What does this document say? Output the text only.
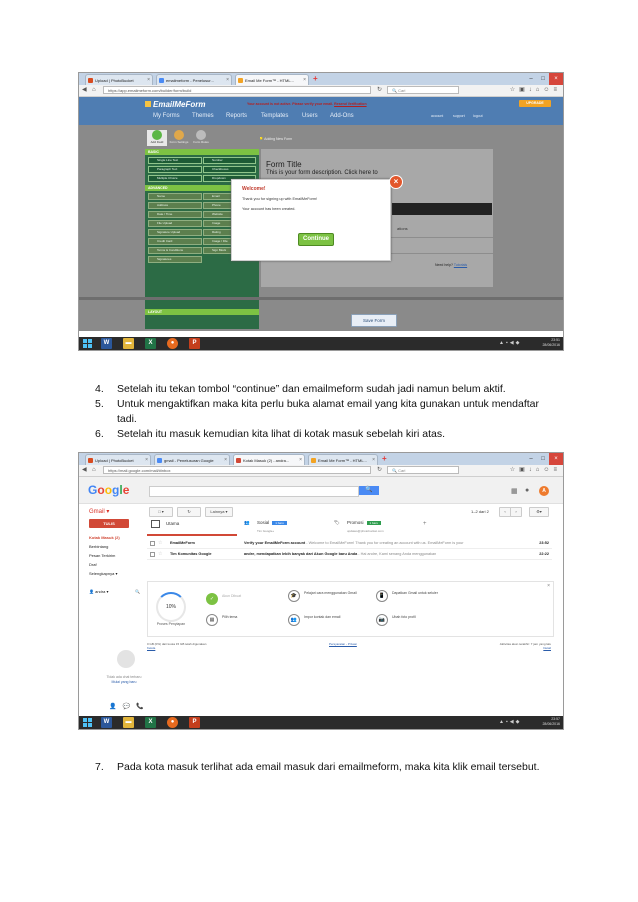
Upload | PhotoBucket	×	emailmeform - Penelusur... ×	Email Me Form™ - HTML... × +	–	□	×
◀ ⌂	https://app.emailmeform.com/builder/form/build	↻	🔍 Cari	☆▣↓⌂☺≡
EmailMeForm	Your account is not active. Please verify your email. Resend Verification	UPGRADE
My Forms Themes Reports Templates Users Add-Ons	account	support logout
Add Field	Form Settings	Form Rules
💡 Adding New Form
BASIC
Single Line Text	Number
Paragraph Text	Checkboxes
Multiple Choice	Dropdown
ADVANCED
Name	Email
Address	Phone
Date / Time	Website
File Upload	Image
Signature Upload	Rating
Credit Card	Image / File
Terms & Conditions	Sign Block
Signatures
LAYOUT
Form Title
This is your form description. Click here to
ations
Need help? Tutorials
Save Form
Welcome!
Thank you for signing up with EmailMeForm!
Your account has been created.
Continue
×
W	▬	X	●	P	▲▪◀◆	23:51
28/06/2016
4. Setelah itu tekan tombol “continue” dan emailmeform sudah jadi namun belum aktif.
5. Untuk mengaktifkan maka kita perlu buka alamat email yang kita gunakan untuk mendaftar
tadi.
6. Setelah itu masuk kemudian kita lihat di kotak masuk sebelah kiri atas.
Upload | PhotoBucket ×	gmail - Penelusuran Google ×	Kotak Masuk (2) - andra... ×	Email Me Form™ - HTML... × +	–	□	×
◀ ⌂	https://mail.google.com/mail/#inbox	↻	🔍 Cari	☆▣↓⌂☺≡
Google	🔍	▦ ●	A
Gmail ▾	□ ▾	↻	Lainnya ▾	1–2 dari 2	‹	›	⚙▾
TULIS
Kotak Masuk (2)
Berbintang
Pesan Terkirim
Draf
Selengkapnya ▾
👤 andra ▾	🔍
Utama	👥 Sosial 1 baru
Tim Google+
🏷 Promosi 1 baru
updates@photobucket.com
+
☆ EmailMeForm	Verify your EmailMeForm account - Welcome to EmailMeForm! Thank you for creating an account with us. EmailMeForm is your	23:52
☆ Tim Komunitas Google	andre, mendapatkan lebih banyak dari Akun Google baru Anda - Hai andre, Kami senang Anda menggunakan	22:22
×
10%
Proses Penyiapan
✓	Akun Dibuat	🎓	Pelajari cara menggunakan Gmail	📱	Dapatkan Gmail untuk seluler
▦	Pilih tema	👥	Impor kontak dan email	📷	Ubah foto profil
0 GB (0%) dari kuota 15 GB telah digunakan
Kelola
Persyaratan - Privasi	Aktivitas akun terakhir: 7 jam yang lalu
Detail
Tidak ada chat terbaru
Mulai yang baru
👤💬📞
W	▬	X	●	P	▲▪◀◆	23:57
28/06/2016
7. Pada kota masuk terlihat ada email masuk dari emailmeform, maka kita klik email tersebut.
